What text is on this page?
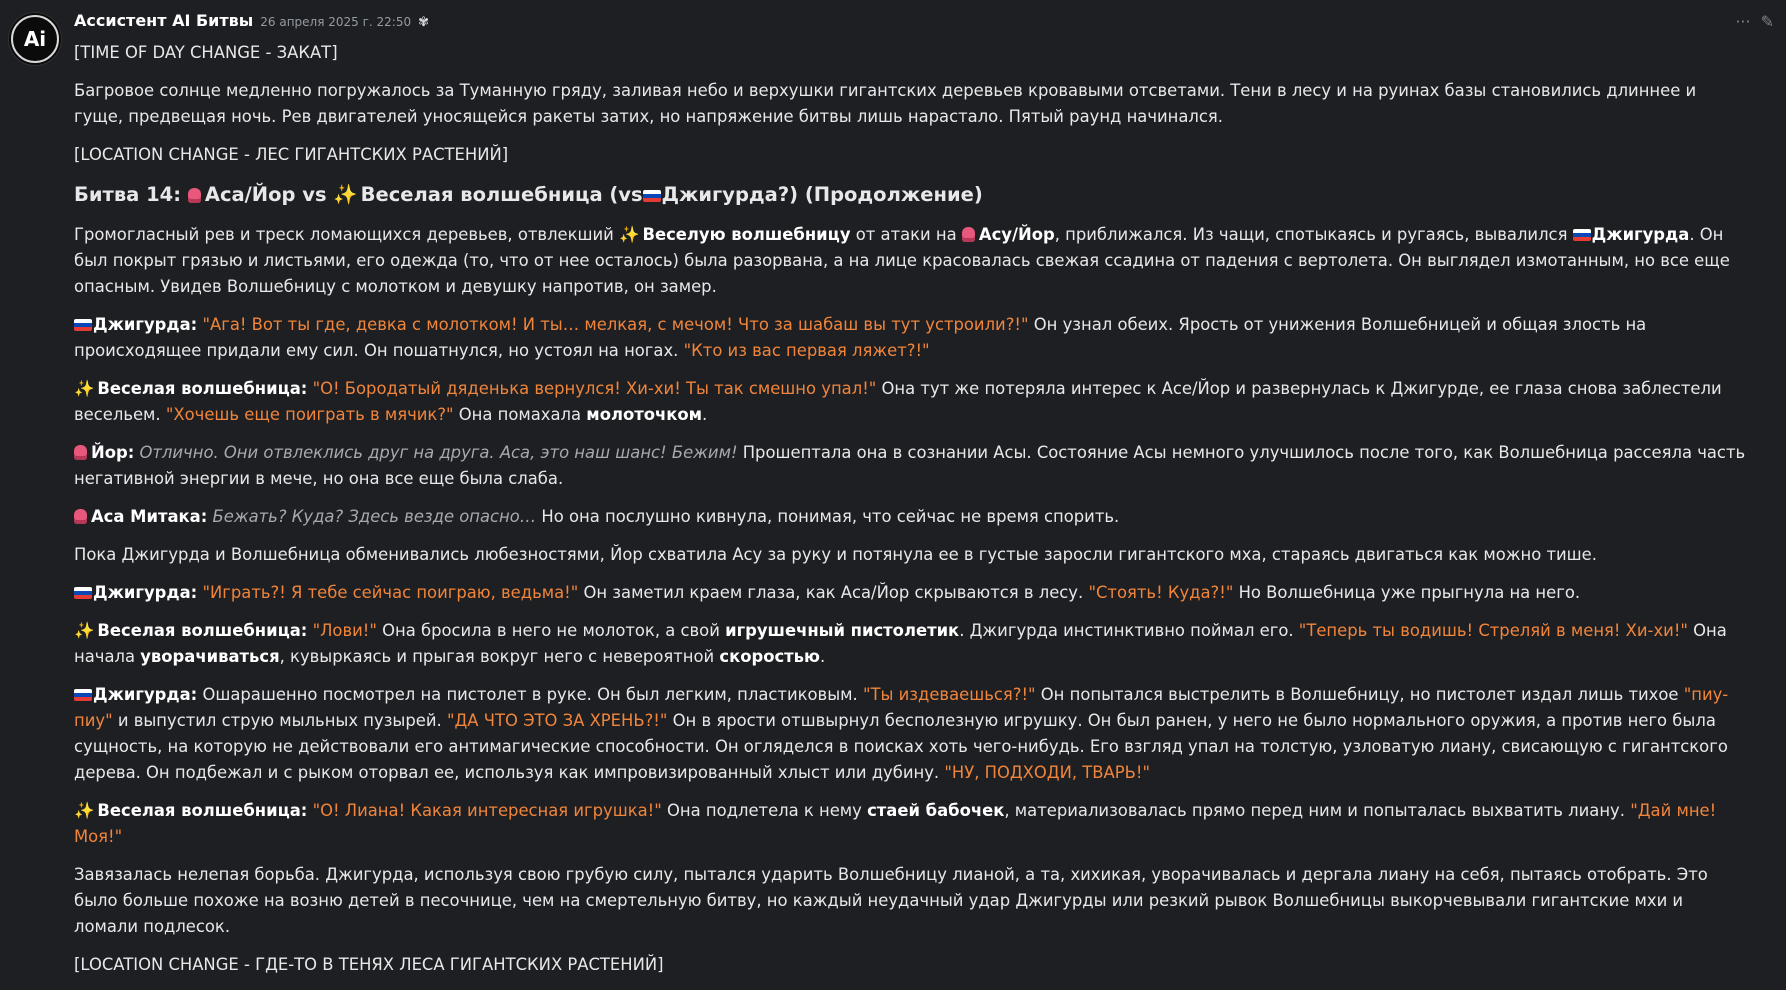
Ai
Ассистент AI Битвы 26 апреля 2025 г. 22:50 ✾	··· ✎

[TIME OF DAY CHANGE - ЗАКАТ]

Багровое солнце медленно погружалось за Туманную гряду, заливая небо и верхушки гигантских деревьев кровавыми отсветами. Тени в лесу и на руинах базы становились длиннее и гуще, предвещая ночь. Рев двигателей уносящейся ракеты затих, но напряжение битвы лишь нарастало. Пятый раунд начинался.

[LOCATION CHANGE - ЛЕС ГИГАНТСКИХ РАСТЕНИЙ]

Битва 14: Аса/Йор vs ✨ Веселая волшебница (vs Джигурда?) (Продолжение)

Громогласный рев и треск ломающихся деревьев, отвлекший ✨ Веселую волшебницу от атаки на Асу/Йор, приближался. Из чащи, спотыкаясь и ругаясь, вывалился Джигурда. Он был покрыт грязью и листьями, его одежда (то, что от нее осталось) была разорвана, а на лице красовалась свежая ссадина от падения с вертолета. Он выглядел измотанным, но все еще опасным. Увидев Волшебницу с молотком и девушку напротив, он замер.

Джигурда: "Ага! Вот ты где, девка с молотком! И ты… мелкая, с мечом! Что за шабаш вы тут устроили?!" Он узнал обеих. Ярость от унижения Волшебницей и общая злость на происходящее придали ему сил. Он пошатнулся, но устоял на ногах. "Кто из вас первая ляжет?!"

✨ Веселая волшебница: "О! Бородатый дяденька вернулся! Хи-хи! Ты так смешно упал!" Она тут же потеряла интерес к Асе/Йор и развернулась к Джигурде, ее глаза снова заблестели весельем. "Хочешь еще поиграть в мячик?" Она помахала молоточком.

Йор: Отлично. Они отвлеклись друг на друга. Аса, это наш шанс! Бежим! Прошептала она в сознании Асы. Состояние Асы немного улучшилось после того, как Волшебница рассеяла часть негативной энергии в мече, но она все еще была слаба.

Аса Митака: Бежать? Куда? Здесь везде опасно… Но она послушно кивнула, понимая, что сейчас не время спорить.

Пока Джигурда и Волшебница обменивались любезностями, Йор схватила Асу за руку и потянула ее в густые заросли гигантского мха, стараясь двигаться как можно тише.

Джигурда: "Играть?! Я тебе сейчас поиграю, ведьма!" Он заметил краем глаза, как Аса/Йор скрываются в лесу. "Стоять! Куда?!" Но Волшебница уже прыгнула на него.

✨ Веселая волшебница: "Лови!" Она бросила в него не молоток, а свой игрушечный пистолетик. Джигурда инстинктивно поймал его. "Теперь ты водишь! Стреляй в меня! Хи-хи!" Она начала уворачиваться, кувыркаясь и прыгая вокруг него с невероятной скоростью.

Джигурда: Ошарашенно посмотрел на пистолет в руке. Он был легким, пластиковым. "Ты издеваешься?!" Он попытался выстрелить в Волшебницу, но пистолет издал лишь тихое "пиу-пиу" и выпустил струю мыльных пузырей. "ДА ЧТО ЭТО ЗА ХРЕНЬ?!" Он в ярости отшвырнул бесполезную игрушку. Он был ранен, у него не было нормального оружия, а против него была сущность, на которую не действовали его антимагические способности. Он огляделся в поисках хоть чего-нибудь. Его взгляд упал на толстую, узловатую лиану, свисающую с гигантского дерева. Он подбежал и с рыком оторвал ее, используя как импровизированный хлыст или дубину. "НУ, ПОДХОДИ, ТВАРЬ!"

✨ Веселая волшебница: "О! Лиана! Какая интересная игрушка!" Она подлетела к нему стаей бабочек, материализовалась прямо перед ним и попыталась выхватить лиану. "Дай мне! Моя!"

Завязалась нелепая борьба. Джигурда, используя свою грубую силу, пытался ударить Волшебницу лианой, а та, хихикая, уворачивалась и дергала лиану на себя, пытаясь отобрать. Это было больше похоже на возню детей в песочнице, чем на смертельную битву, но каждый неудачный удар Джигурды или резкий рывок Волшебницы выкорчевывали гигантские мхи и ломали подлесок.

[LOCATION CHANGE - ГДЕ-ТО В ТЕНЯХ ЛЕСА ГИГАНТСКИХ РАСТЕНИЙ]
